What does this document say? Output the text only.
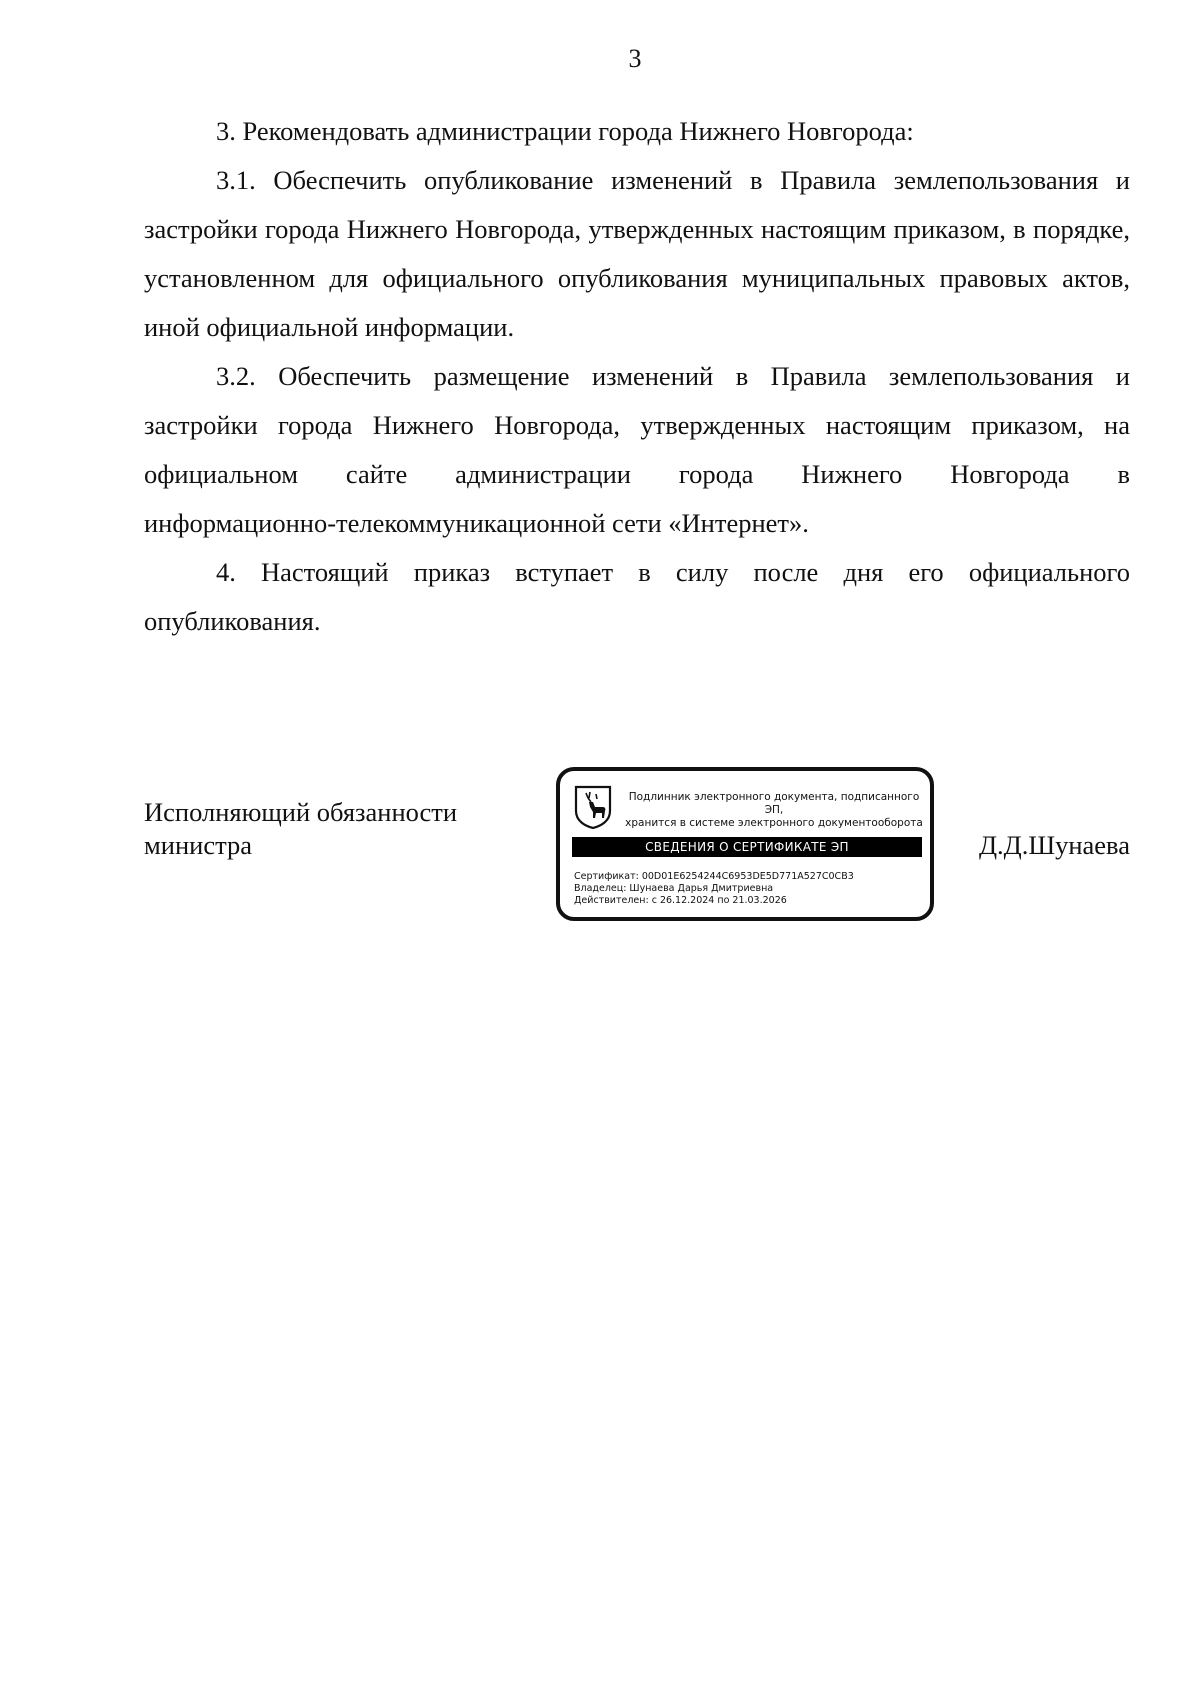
3

3. Рекомендовать администрации города Нижнего Новгорода:

3.1. Обеспечить опубликование изменений в Правила землепользования и застройки города Нижнего Новгорода, утвержденных настоящим приказом, в порядке, установленном для официального опубликования муниципальных правовых актов, иной официальной информации.

3.2. Обеспечить размещение изменений в Правила землепользования и застройки города Нижнего Новгорода, утвержденных настоящим приказом, на официальном сайте администрации города Нижнего Новгорода в

информационно-телекоммуникационной сети «Интернет».

4. Настоящий приказ вступает в силу после дня его официального опубликования.

Исполняющий обязанности
министра
Подлинник электронного документа, подписанного ЭП,
хранится в системе электронного документооборота
СВЕДЕНИЯ О СЕРТИФИКАТЕ ЭП
Сертификат: 00D01E6254244C6953DE5D771A527C0CB3
Владелец: Шунаева Дарья Дмитриевна
Действителен: с 26.12.2024 по 21.03.2026
Д.Д.Шунаева
